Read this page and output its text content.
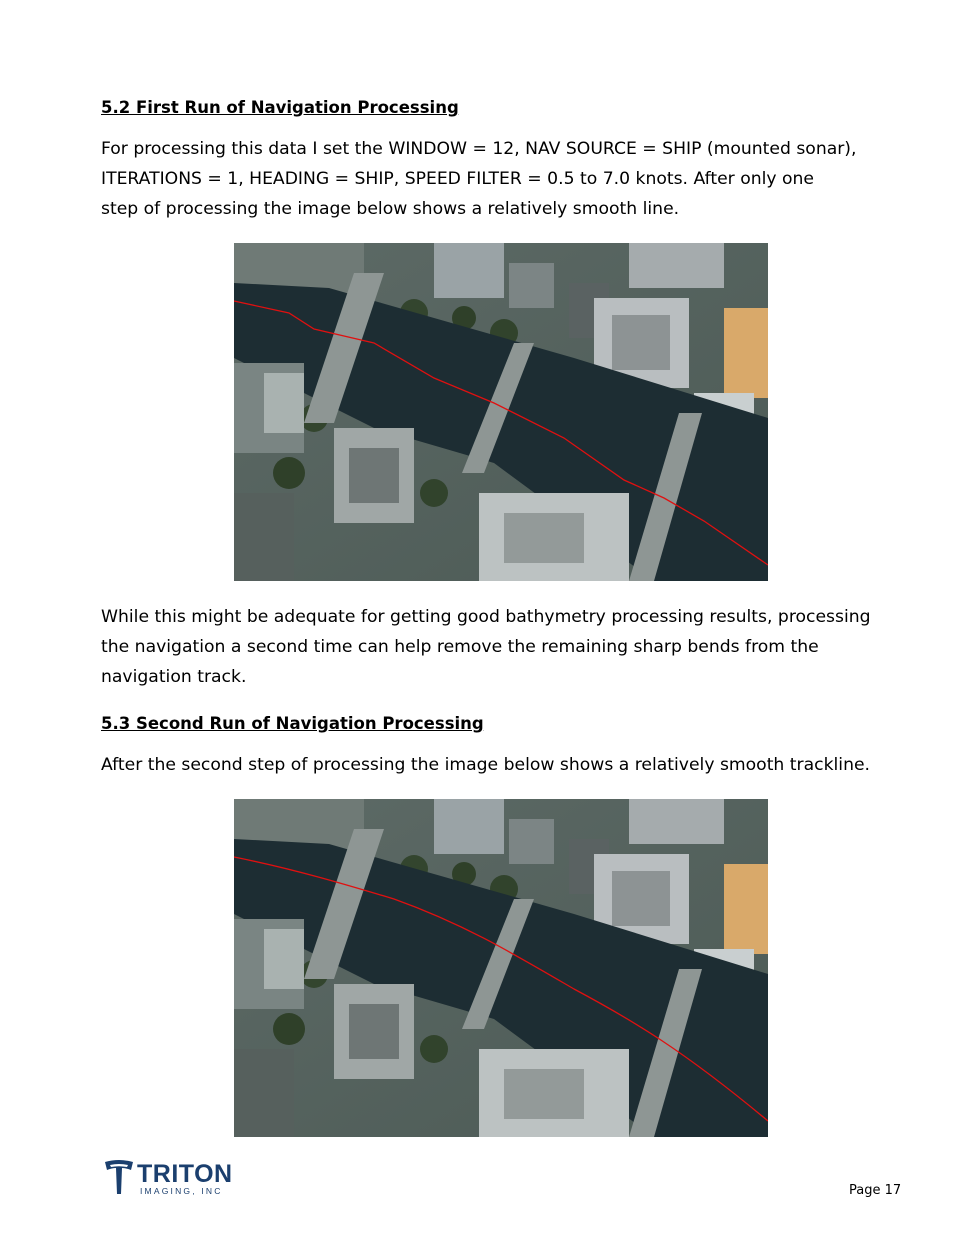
5.2 First Run of Navigation Processing

For processing this data I set the WINDOW = 12, NAV SOURCE = SHIP (mounted sonar),
ITERATIONS = 1, HEADING = SHIP, SPEED FILTER = 0.5 to 7.0 knots. After only one
step of processing the image below shows a relatively smooth line.

While this might be adequate for getting good bathymetry processing results, processing
the navigation a second time can help remove the remaining sharp bends from the
navigation track.

5.3 Second Run of Navigation Processing

After the second step of processing the image below shows a relatively smooth trackline.

TRITON
IMAGING, INC	Page 17
